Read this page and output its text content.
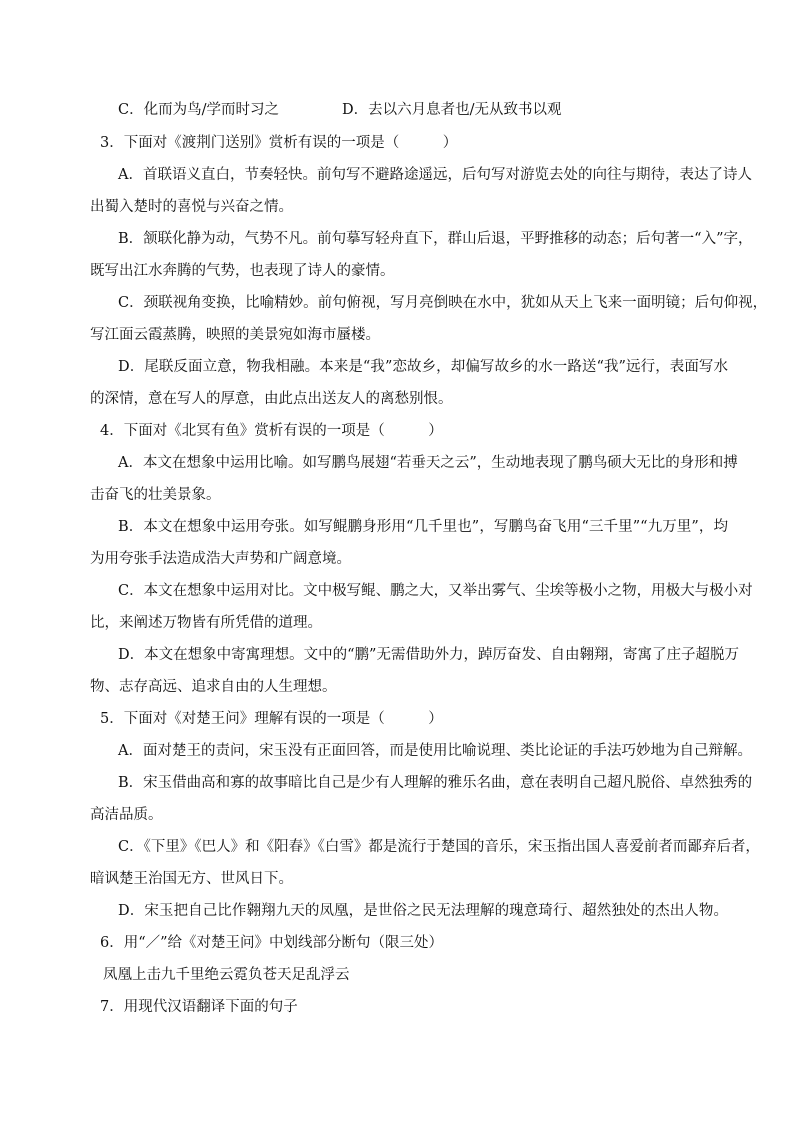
C．化而为鸟/学而时习之	D．去以六月息者也/无从致书以观
3．下面对《渡荆门送别》赏析有误的一项是（　　　）
A．首联语义直白，节奏轻快。前句写不避路途遥远，后句写对游览去处的向往与期待，表达了诗人
出蜀入楚时的喜悦与兴奋之情。
B．颔联化静为动，气势不凡。前句摹写轻舟直下，群山后退，平野推移的动态；后句著一“入”字，
既写出江水奔腾的气势，也表现了诗人的豪情。
C．颈联视角变换，比喻精妙。前句俯视，写月亮倒映在水中，犹如从天上飞来一面明镜；后句仰视，
写江面云霞蒸腾，映照的美景宛如海市蜃楼。
D．尾联反面立意，物我相融。本来是“我”恋故乡，却偏写故乡的水一路送“我”远行，表面写水
的深情，意在写人的厚意，由此点出送友人的离愁别恨。
4．下面对《北冥有鱼》赏析有误的一项是（　　　）
A．本文在想象中运用比喻。如写鹏鸟展翅“若垂天之云”，生动地表现了鹏鸟硕大无比的身形和搏
击奋飞的壮美景象。
B．本文在想象中运用夸张。如写鲲鹏身形用“几千里也”，写鹏鸟奋飞用“三千里”“九万里”，均
为用夸张手法造成浩大声势和广阔意境。
C．本文在想象中运用对比。文中极写鲲、鹏之大，又举出雾气、尘埃等极小之物，用极大与极小对
比，来阐述万物皆有所凭借的道理。
D．本文在想象中寄寓理想。文中的“鹏”无需借助外力，踔厉奋发、自由翱翔，寄寓了庄子超脱万
物、志存高远、追求自由的人生理想。
5．下面对《对楚王问》理解有误的一项是（　　　）
A．面对楚王的责问，宋玉没有正面回答，而是使用比喻说理、类比论证的手法巧妙地为自己辩解。
B．宋玉借曲高和寡的故事暗比自己是少有人理解的雅乐名曲，意在表明自己超凡脱俗、卓然独秀的
高洁品质。
C．《下里》《巴人》和《阳春》《白雪》都是流行于楚国的音乐，宋玉指出国人喜爱前者而鄙弃后者，
暗讽楚王治国无方、世风日下。
D．宋玉把自己比作翱翔九天的凤凰，是世俗之民无法理解的瑰意琦行、超然独处的杰出人物。
6．用“／”给《对楚王问》中划线部分断句（限三处）
凤凰上击九千里绝云霓负苍天足乱浮云
7．用现代汉语翻译下面的句子
